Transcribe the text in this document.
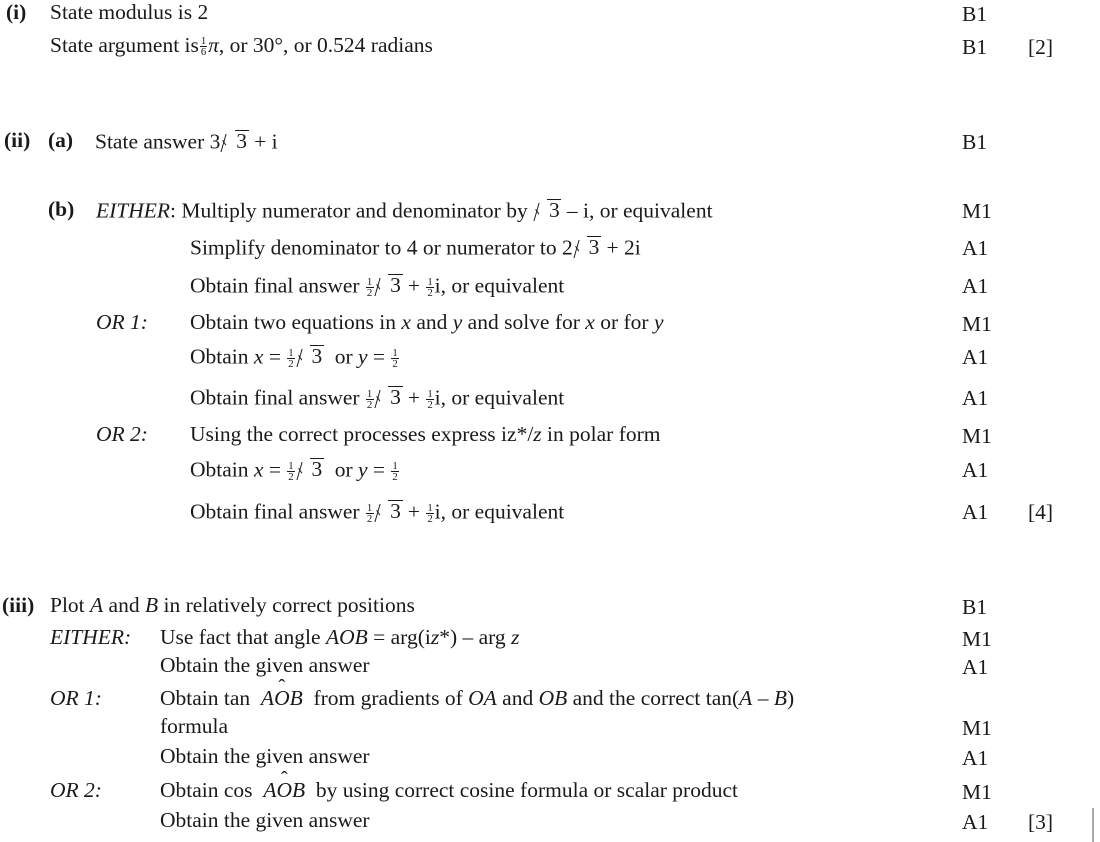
(i) State modulus is 2	B1
State argument is $\frac{1}{6} \pi$, or 30°, or 0.524 radians	B1	[2]
(ii) (a) State answer 3 3 + i	B1
(b) EITHER: Multiply numerator and denominator by 3 – i, or equivalent	M1
Simplify denominator to 4 or numerator to 2 3 + 2i	A1
Obtain final answer $\frac{1}{2} 3 + \frac{1}{2} i$, or equivalent	A1
OR 1: Obtain two equations in x and y and solve for x or for y	M1
Obtain $x = \frac{1}{2} 3$ or $y = \frac{1}{2}$	A1
Obtain final answer $\frac{1}{2} 3 + \frac{1}{2} i$, or equivalent	A1
OR 2: Using the correct processes express iz*/z in polar form	M1
Obtain $x = \frac{1}{2} 3$ or $y = \frac{1}{2}$	A1
Obtain final answer $\frac{1}{2} 3 + \frac{1}{2} i$, or equivalent	A1	[4]
(iii) Plot A and B in relatively correct positions	B1
EITHER: Use fact that angle AOB = arg(iz*) – arg z	M1
Obtain the given answer	A1
OR 1:	Obtain tan AO ˆB from gradients of OA and OB and the correct tan(A – B)
formula	M1
Obtain the given answer	A1
OR 2:	Obtain cos AO ˆB by using correct cosine formula or scalar product	M1
Obtain the given answer	A1	[3]
